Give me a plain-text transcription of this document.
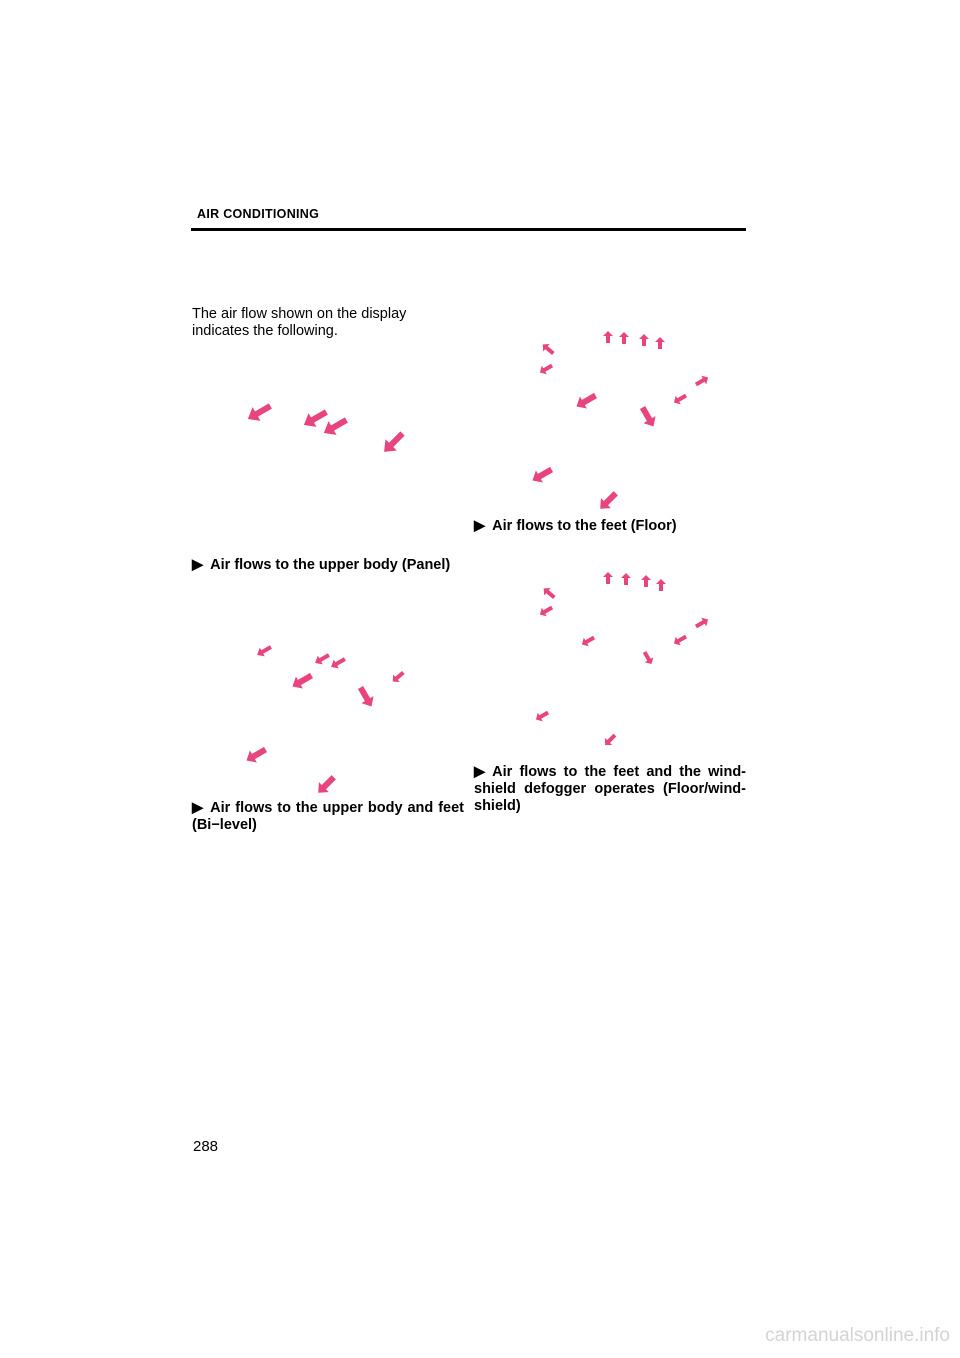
AIR CONDITIONING
The air flow shown on the display indicates the following.
▶ Air flows to the upper body (Panel)
▶ Air flows to the upper body and feet (Bi−level)
▶ Air flows to the feet (Floor)
▶ Air flows to the feet and the wind- shield defogger operates (Floor/wind- shield)
288
carmanualsonline.info
